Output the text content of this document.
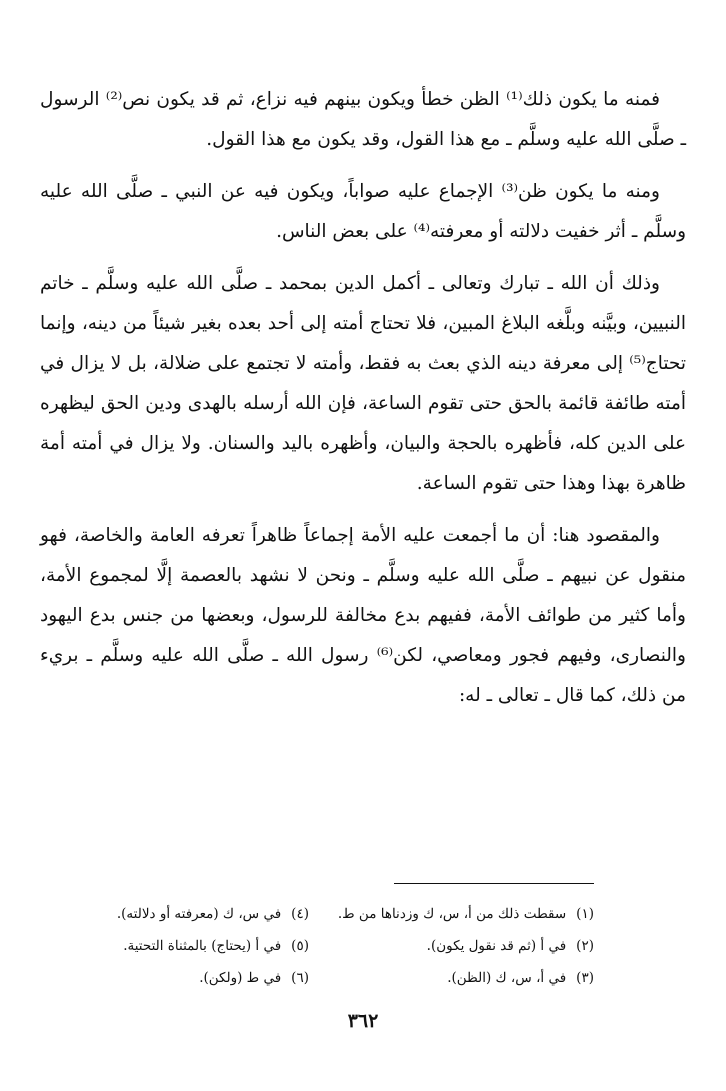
فمنه ما يكون ذلك⁽¹⁾ الظن خطأ ويكون بينهم فيه نزاع، ثم قد يكون نص⁽²⁾ الرسول ـ صلَّى الله عليه وسلَّم ـ مع هذا القول، وقد يكون مع هذا القول.

ومنه ما يكون ظن⁽³⁾ الإجماع عليه صواباً، ويكون فيه عن النبي ـ صلَّى الله عليه وسلَّم ـ أثر خفيت دلالته أو معرفته⁽⁴⁾ على بعض الناس.

وذلك أن الله ـ تبارك وتعالى ـ أكمل الدين بمحمد ـ صلَّى الله عليه وسلَّم ـ خاتم النبيين، وبيَّنه وبلَّغه البلاغ المبين، فلا تحتاج أمته إلى أحد بعده بغير شيئاً من دينه، وإنما تحتاج⁽⁵⁾ إلى معرفة دينه الذي بعث به فقط، وأمته لا تجتمع على ضلالة، بل لا يزال في أمته طائفة قائمة بالحق حتى تقوم الساعة، فإن الله أرسله بالهدى ودين الحق ليظهره على الدين كله، فأظهره بالحجة والبيان، وأظهره باليد والسنان. ولا يزال في أمته أمة ظاهرة بهذا وهذا حتى تقوم الساعة.

والمقصود هنا: أن ما أجمعت عليه الأمة إجماعاً ظاهراً تعرفه العامة والخاصة، فهو منقول عن نبيهم ـ صلَّى الله عليه وسلَّم ـ ونحن لا نشهد بالعصمة إلَّا لمجموع الأمة، وأما كثير من طوائف الأمة، ففيهم بدع مخالفة للرسول، وبعضها من جنس بدع اليهود والنصارى، وفيهم فجور ومعاصي، لكن⁽⁶⁾ رسول الله ـ صلَّى الله عليه وسلَّم ـ بريء من ذلك، كما قال ـ تعالى ـ له:

(١)سقطت ذلك من أ، س، ك وزدناها من ط.
(٤)في س، ك (معرفته أو دلالته).
(٢)في أ (ثم قد نقول يكون).
(٥)في أ (يحتاج) بالمثناة التحتية.
(٣)في أ، س، ك (الظن).
(٦)في ط (ولكن).
٣٦٢
